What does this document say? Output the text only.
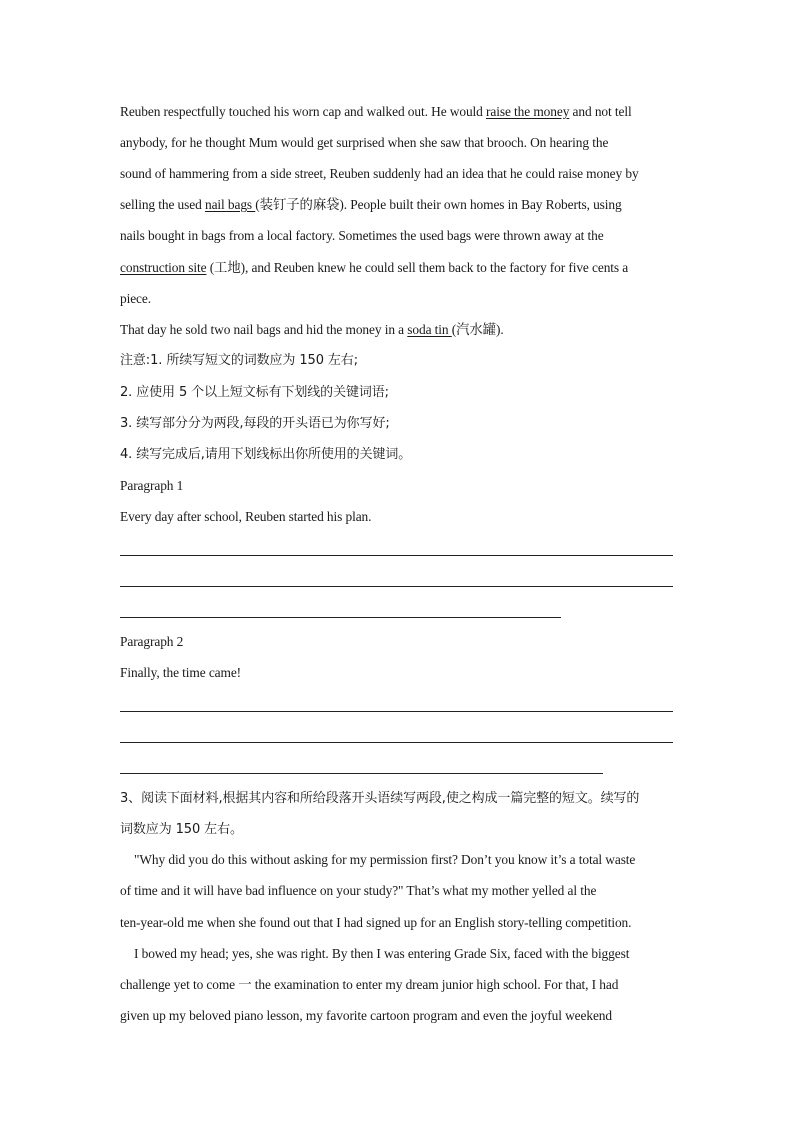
Reuben respectfully touched his worn cap and walked out. He would raise the money and not tell
anybody, for he thought Mum would get surprised when she saw that brooch. On hearing the
sound of hammering from a side street, Reuben suddenly had an idea that he could raise money by
selling the used nail bags (装钉子的麻袋). People built their own homes in Bay Roberts, using
nails bought in bags from a local factory. Sometimes the used bags were thrown away at the
construction site (工地), and Reuben knew he could sell them back to the factory for five cents a
piece.
That day he sold two nail bags and hid the money in a soda tin (汽水罐).
注意:1. 所续写短文的词数应为 150 左右;
2. 应使用 5 个以上短文标有下划线的关键词语;
3. 续写部分分为两段,每段的开头语已为你写好;
4. 续写完成后,请用下划线标出你所使用的关键词。
Paragraph 1
Every day after school, Reuben started his plan.
Paragraph 2
Finally, the time came!
3、阅读下面材料,根据其内容和所给段落开头语续写两段,使之构成一篇完整的短文。续写的
词数应为 150 左右。
"Why did you do this without asking for my permission first? Don’t you know it’s a total waste
of time and it will have bad influence on your study?" That’s what my mother yelled al the
ten-year-old me when she found out that I had signed up for an English story-telling competition.
I bowed my head; yes, she was right. By then I was entering Grade Six, faced with the biggest
challenge yet to come 一 the examination to enter my dream junior high school. For that, I had
given up my beloved piano lesson, my favorite cartoon program and even the joyful weekend
